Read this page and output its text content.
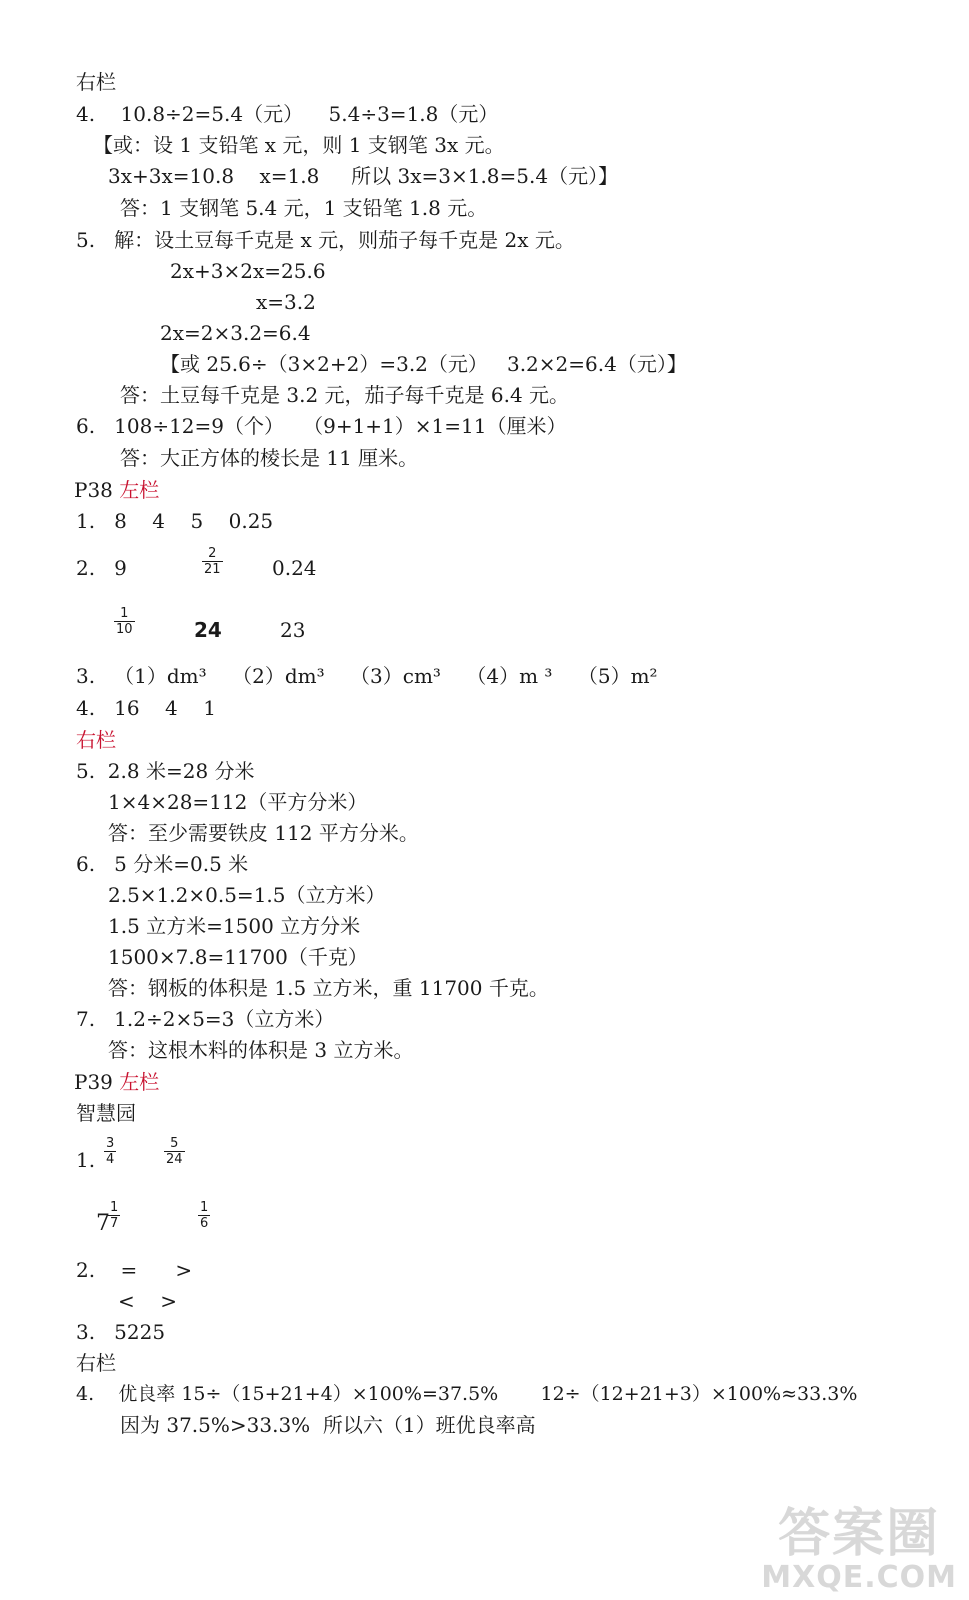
右栏
4.    10.8÷2=5.4（元）    5.4÷3=1.8（元）
【或：设 1 支铅笔 x 元，则 1 支钢笔 3x 元。
3x+3x=10.8    x=1.8     所以 3x=3×1.8=5.4（元）】
答：1 支钢笔 5.4 元，1 支铅笔 1.8 元。
5.   解：设土豆每千克是 x 元，则茄子每千克是 2x 元。
2x+3×2x=25.6
x=3.2
2x=2×3.2=6.4
【或 25.6÷（3×2+2）=3.2（元）   3.2×2=6.4（元）】
答：土豆每千克是 3.2 元，茄子每千克是 6.4 元。
6.   108÷12=9（个）   （9+1+1）×1=11（厘米）
答：大正方体的棱长是 11 厘米。
P38 左栏
1.   8    4    5    0.25
2.   9	$\frac{2}{21} 0.24$
$\frac{1}{10}$	24	23
3.   （1）dm³    （2）dm³    （3）cm³    （4）m ³    （5）m²
4.   16    4    1
右栏
5.  2.8 米=28 分米
1×4×28=112（平方分米）
答：至少需要铁皮 112 平方分米。
6.   5 分米=0.5 米
2.5×1.2×0.5=1.5（立方米）
1.5 立方米=1500 立方分米
1500×7.8=11700（千克）
答：钢板的体积是 1.5 立方米，重 11700 千克。
7.   1.2÷2×5=3（立方米）
答：这根木料的体积是 3 立方米。
P39 左栏
智慧园
1. $\frac{3}{4}$	$\frac{5}{24}$
7
$\frac{1}{7}$	$\frac{1}{6}$
2.    =      >
<    >
3.   5225
右栏
4.    优良率 15÷（15+21+4）×100%=37.5%       12÷（12+21+3）×100%≈33.3%
因为 37.5%>33.3%  所以六（1）班优良率高
答案圈
MXQE.COM
